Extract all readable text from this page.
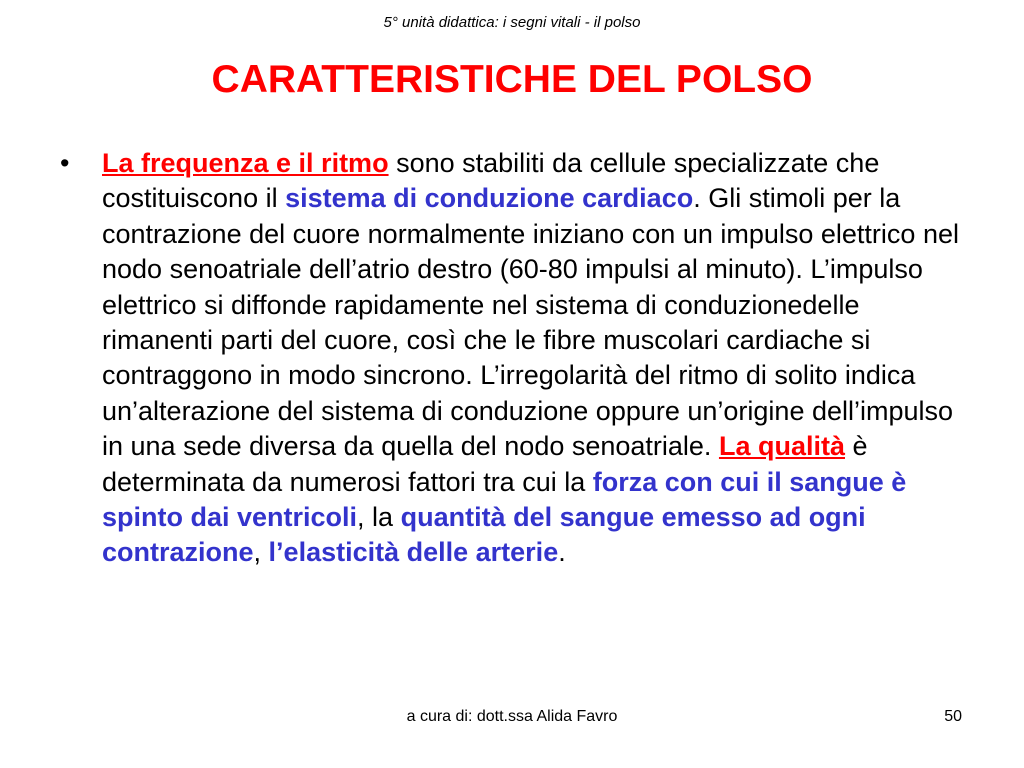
5° unità didattica: i segni vitali - il polso
CARATTERISTICHE DEL POLSO
• La frequenza e il ritmo sono stabiliti da cellule specializzate che costituiscono il sistema di conduzione cardiaco. Gli stimoli per la contrazione del cuore normalmente iniziano con un impulso elettrico nel nodo senoatriale dell’atrio destro (60-80 impulsi al minuto). L’impulso elettrico si diffonde rapidamente nel sistema di conduzionedelle rimanenti parti del cuore, così che le fibre muscolari cardiache si contraggono in modo sincrono. L’irregolarità del ritmo di solito indica un’alterazione del sistema di conduzione oppure un’origine dell’impulso in una sede diversa da quella del nodo senoatriale. La qualità è determinata da numerosi fattori tra cui la forza con cui il sangue è spinto dai ventricoli, la quantità del sangue emesso ad ogni contrazione, l’elasticità delle arterie.
a cura di: dott.ssa Alida Favro	50
